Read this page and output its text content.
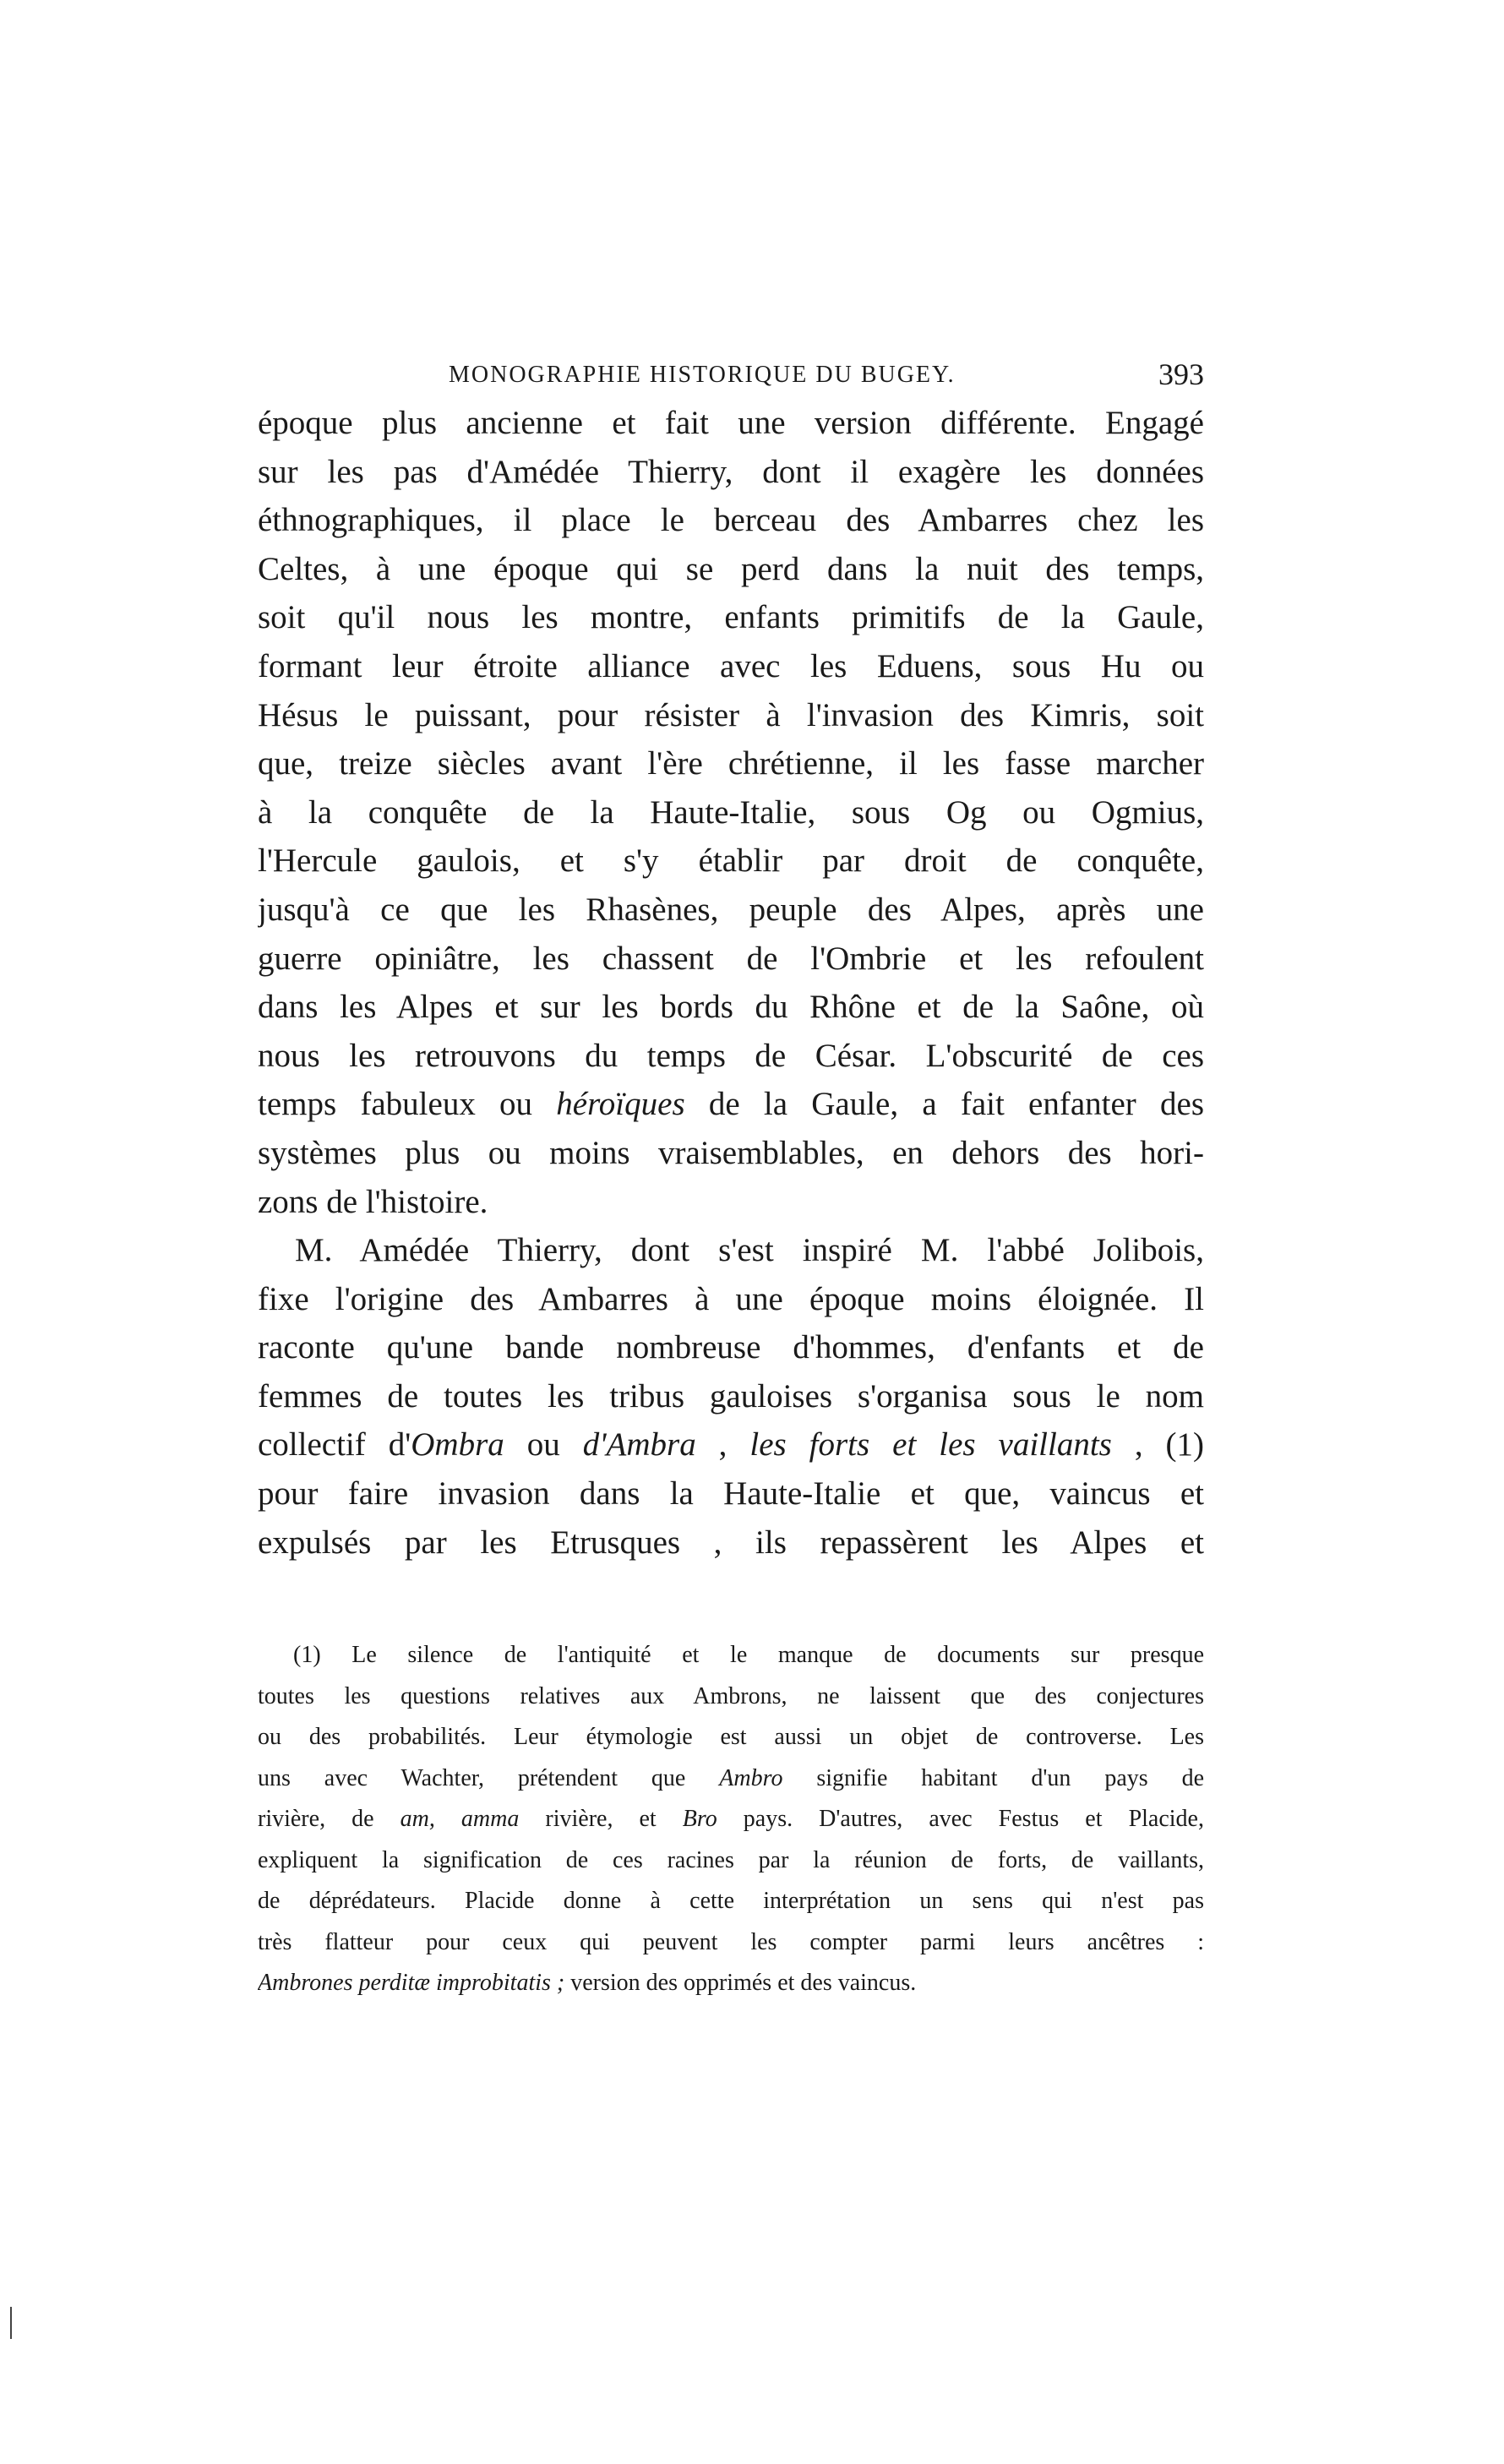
MONOGRAPHIE HISTORIQUE DU BUGEY.	393
époque plus ancienne et fait une version différente. Engagé
sur les pas d'Amédée Thierry, dont il exagère les données
éthnographiques, il place le berceau des Ambarres chez les
Celtes, à une époque qui se perd dans la nuit des temps,
soit qu'il nous les montre, enfants primitifs de la Gaule,
formant leur étroite alliance avec les Eduens, sous Hu ou
Hésus le puissant, pour résister à l'invasion des Kimris, soit
que, treize siècles avant l'ère chrétienne, il les fasse marcher
à la conquête de la Haute-Italie, sous Og ou Ogmius,
l'Hercule gaulois, et s'y établir par droit de conquête,
jusqu'à ce que les Rhasènes, peuple des Alpes, après une
guerre opiniâtre, les chassent de l'Ombrie et les refoulent
dans les Alpes et sur les bords du Rhône et de la Saône, où
nous les retrouvons du temps de César. L'obscurité de ces
temps fabuleux ou héroïques de la Gaule, a fait enfanter des
systèmes plus ou moins vraisemblables, en dehors des hori-
zons de l'histoire.
M. Amédée Thierry, dont s'est inspiré M. l'abbé Jolibois,
fixe l'origine des Ambarres à une époque moins éloignée. Il
raconte qu'une bande nombreuse d'hommes, d'enfants et de
femmes de toutes les tribus gauloises s'organisa sous le nom
collectif d'Ombra ou d'Ambra , les forts et les vaillants , (1)
pour faire invasion dans la Haute-Italie et que, vaincus et
expulsés par les Etrusques , ils repassèrent les Alpes et
(1) Le silence de l'antiquité et le manque de documents sur presque
toutes les questions relatives aux Ambrons, ne laissent que des conjectures
ou des probabilités. Leur étymologie est aussi un objet de controverse. Les
uns avec Wachter, prétendent que Ambro signifie habitant d'un pays de
rivière, de am, amma rivière, et Bro pays. D'autres, avec Festus et Placide,
expliquent la signification de ces racines par la réunion de forts, de vaillants,
de déprédateurs. Placide donne à cette interprétation un sens qui n'est pas
très flatteur pour ceux qui peuvent les compter parmi leurs ancêtres :
Ambrones perditæ improbitatis ; version des opprimés et des vaincus.
